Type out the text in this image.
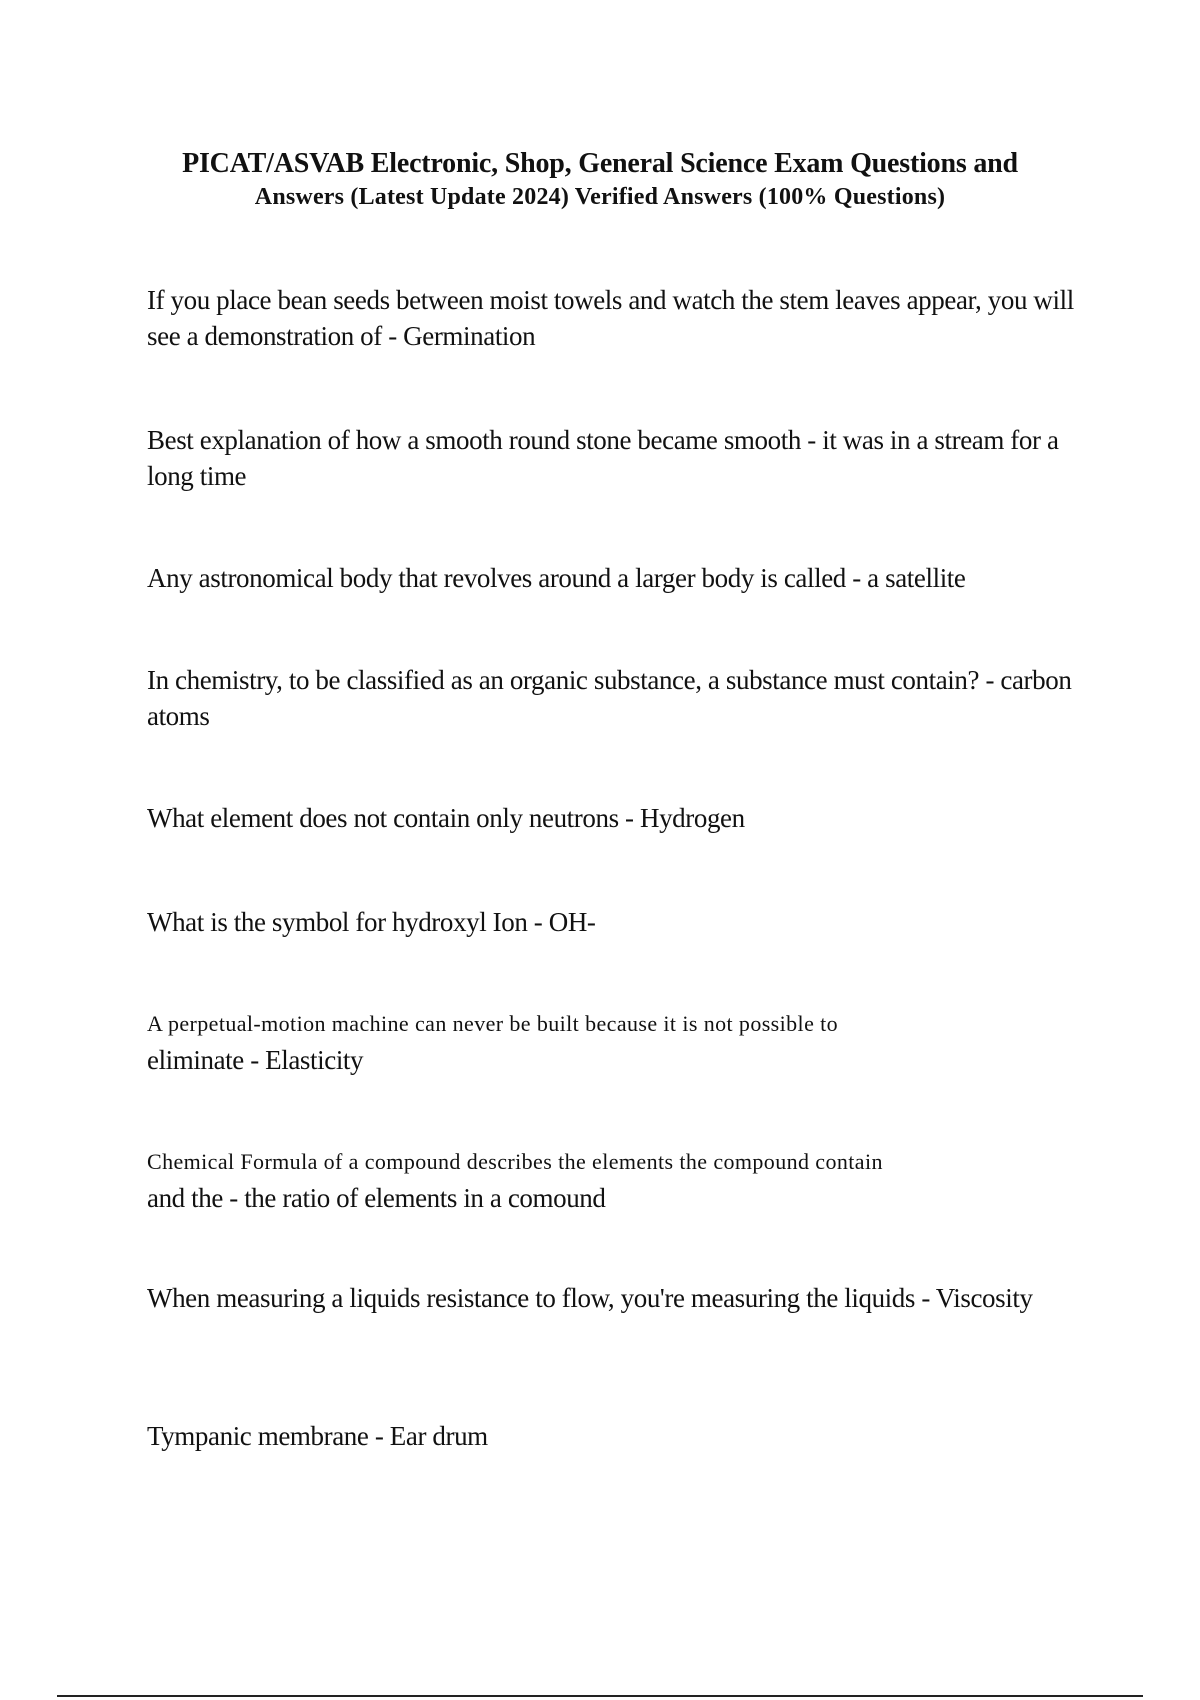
PICAT/ASVAB Electronic, Shop, General Science Exam Questions and
Answers (Latest Update 2024) Verified Answers (100% Questions)
If you place bean seeds between moist towels and watch the stem leaves appear, you will see a demonstration of - Germination
Best explanation of how a smooth round stone became smooth - it was in a stream for a long time
Any astronomical body that revolves around a larger body is called - a satellite
In chemistry, to be classified as an organic substance, a substance must contain? - carbon atoms
What element does not contain only neutrons - Hydrogen
What is the symbol for hydroxyl Ion - OH-
A perpetual-motion machine can never be built because it is not possible to
eliminate - Elasticity
Chemical Formula of a compound describes the elements the compound contain
and the - the ratio of elements in a comound
When measuring a liquids resistance to flow, you're measuring the liquids - Viscosity
Tympanic membrane - Ear drum
